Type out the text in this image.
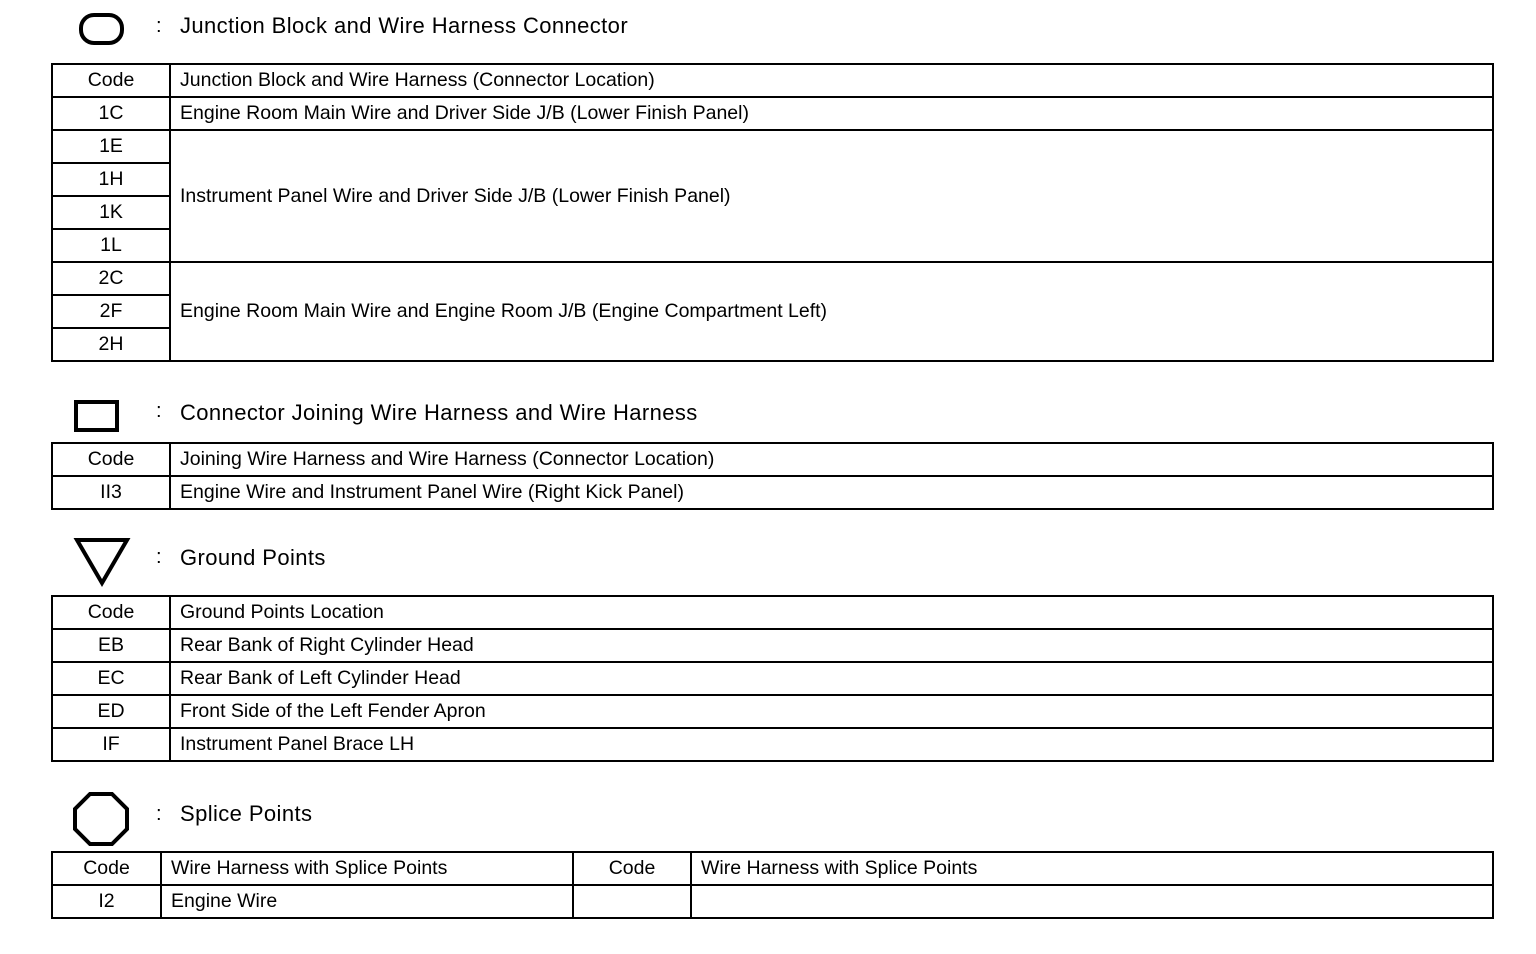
: Junction Block and Wire Harness Connector
Code	Junction Block and Wire Harness (Connector Location)
1C	Engine Room Main Wire and Driver Side J/B (Lower Finish Panel)
1E	Instrument Panel Wire and Driver Side J/B (Lower Finish Panel)
1H	
1K	
1L	
2C	Engine Room Main Wire and Engine Room J/B (Engine Compartment Left)
2F	
2H	
: Connector Joining Wire Harness and Wire Harness
Code	Joining Wire Harness and Wire Harness (Connector Location)
II3	Engine Wire and Instrument Panel Wire (Right Kick Panel)
: Ground Points
Code	Ground Points Location
EB	Rear Bank of Right Cylinder Head
EC	Rear Bank of Left Cylinder Head
ED	Front Side of the Left Fender Apron
IF	Instrument Panel Brace LH
: Splice Points
Code	Wire Harness with Splice Points	Code	Wire Harness with Splice Points
I2	Engine Wire		
